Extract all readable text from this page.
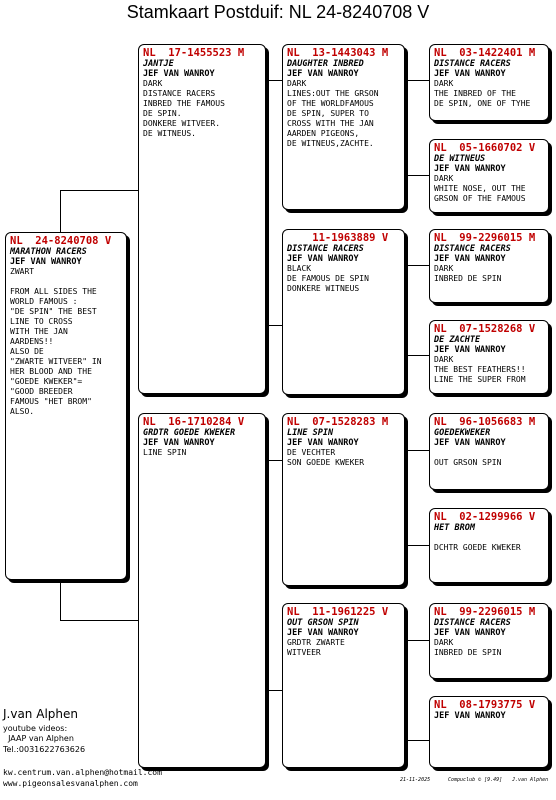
Stamkaart Postduif: NL 24-8240708 V
NL  24-8240708 V
MARATHON RACERS
JEF VAN WANROY
ZWART

FROM ALL SIDES THE
WORLD FAMOUS :
"DE SPIN" THE BEST
LINE TO CROSS
WITH THE JAN
AARDENS!!
ALSO DE
"ZWARTE WITVEER" IN
HER BLOOD AND THE
"GOEDE KWEKER"=
"GOOD BREEDER
FAMOUS "HET BROM"
ALSO.
NL  17-1455523 M
JANTJE
JEF VAN WANROY
DARK
DISTANCE RACERS
INBRED THE FAMOUS
DE SPIN.
DONKERE WITVEER.
DE WITNEUS.
NL  16-1710284 V
GRDTR GOEDE KWEKER
JEF VAN WANROY
LINE SPIN
NL  13-1443043 M
DAUGHTER INBRED
JEF VAN WANROY
DARK
LINES:OUT THE GRSON
OF THE WORLDFAMOUS
DE SPIN, SUPER TO
CROSS WITH THE JAN
AARDEN PIGEONS,
DE WITNEUS,ZACHTE.
11-1963889 V
DISTANCE RACERS
JEF VAN WANROY
BLACK
DE FAMOUS DE SPIN
DONKERE WITNEUS
NL  07-1528283 M
LINE SPIN
JEF VAN WANROY
DE VECHTER
SON GOEDE KWEKER
NL  11-1961225 V
OUT GRSON SPIN
JEF VAN WANROY
GRDTR ZWARTE
WITVEER
NL  03-1422401 M
DISTANCE RACERS
JEF VAN WANROY
DARK
THE INBRED OF THE
DE SPIN, ONE OF TYHE
NL  05-1660702 V
DE WITNEUS
JEF VAN WANROY
DARK
WHITE NOSE, OUT THE
GRSON OF THE FAMOUS
NL  99-2296015 M
DISTANCE RACERS
JEF VAN WANROY
DARK
INBRED DE SPIN
NL  07-1528268 V
DE ZACHTE
JEF VAN WANROY
DARK
THE BEST FEATHERS!!
LINE THE SUPER FROM
NL  96-1056683 M
GOEDEKWEKER
JEF VAN WANROY

OUT GRSON SPIN
NL  02-1299966 V
HET BROM

DCHTR GOEDE KWEKER
NL  99-2296015 M
DISTANCE RACERS
JEF VAN WANROY
DARK
INBRED DE SPIN
NL  08-1793775 V
JEF VAN WANROY
J.van Alphen
youtube videos:
JAAP van Alphen
Tel.:0031622763626
kw.centrum.van.alphen@hotmail.com
www.pigeonsalesvanalphen.com	21-11-2025	Compuclub © [9.49] J.van Alphen
